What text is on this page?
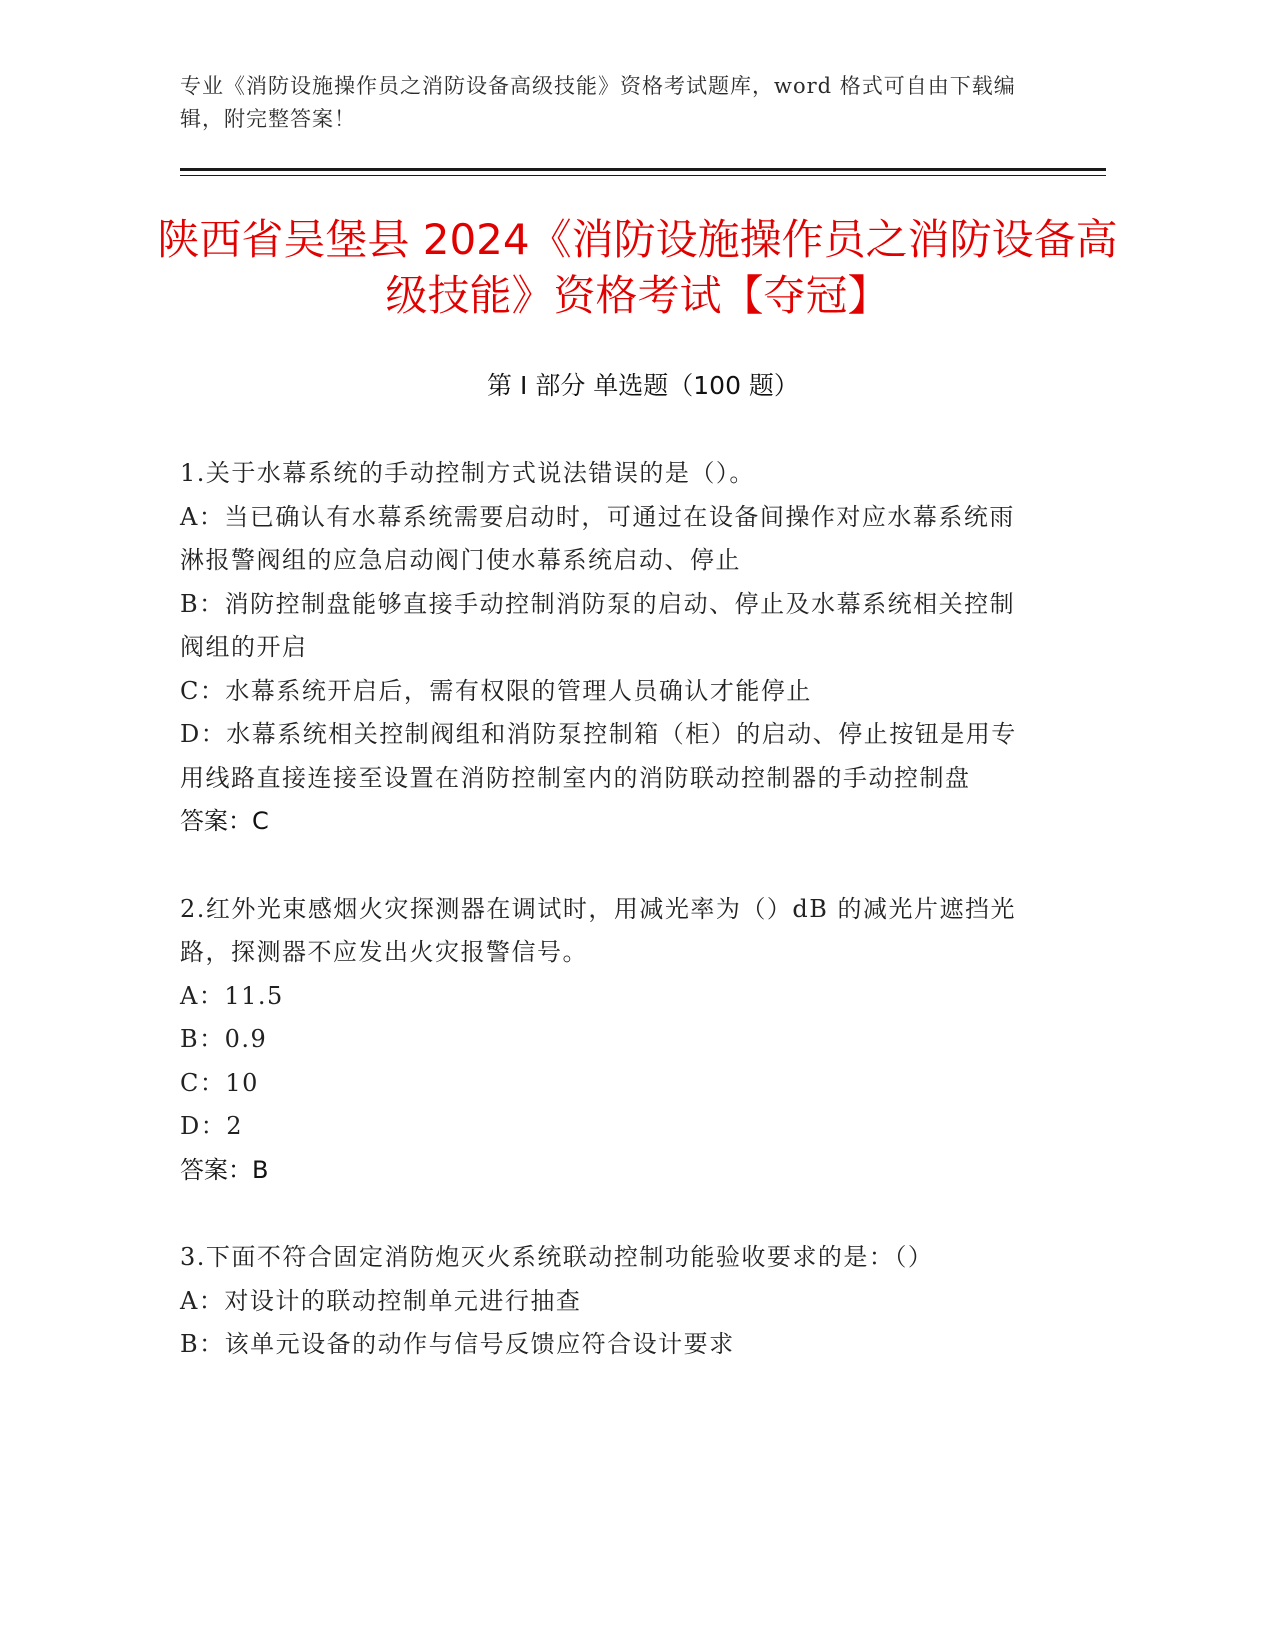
专业《消防设施操作员之消防设备高级技能》资格考试题库，word 格式可自由下载编辑，附完整答案！
陕西省吴堡县 2024《消防设施操作员之消防设备高级技能》资格考试【夺冠】
第 I 部分 单选题（100 题）
1.关于水幕系统的手动控制方式说法错误的是（）。
A：当已确认有水幕系统需要启动时，可通过在设备间操作对应水幕系统雨淋报警阀组的应急启动阀门使水幕系统启动、停止
B：消防控制盘能够直接手动控制消防泵的启动、停止及水幕系统相关控制阀组的开启
C：水幕系统开启后，需有权限的管理人员确认才能停止
D：水幕系统相关控制阀组和消防泵控制箱（柜）的启动、停止按钮是用专用线路直接连接至设置在消防控制室内的消防联动控制器的手动控制盘
答案：C
2.红外光束感烟火灾探测器在调试时，用减光率为（）dB 的减光片遮挡光路，探测器不应发出火灾报警信号。
A：11.5
B：0.9
C：10
D：2
答案：B
3.下面不符合固定消防炮灭火系统联动控制功能验收要求的是：（）
A：对设计的联动控制单元进行抽查
B：该单元设备的动作与信号反馈应符合设计要求
